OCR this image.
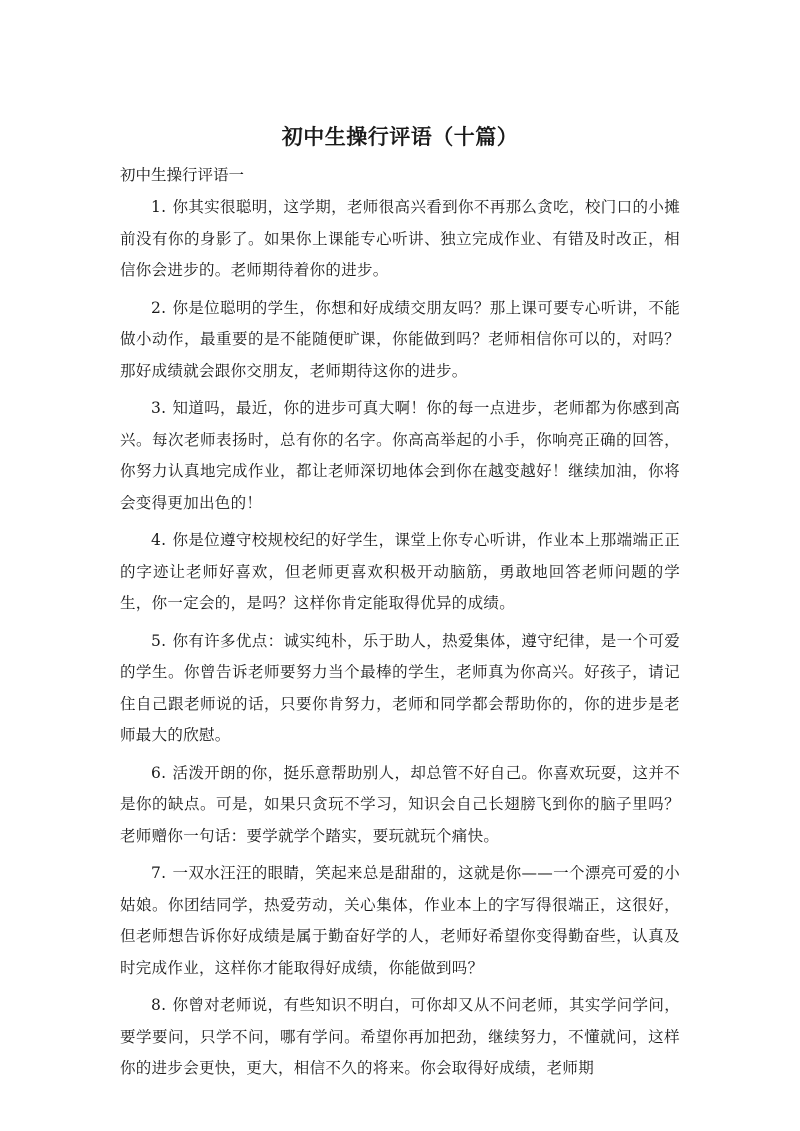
初中生操行评语（十篇）
初中生操行评语一

1. 你其实很聪明，这学期，老师很高兴看到你不再那么贪吃，校门口的小摊前没有你的身影了。如果你上课能专心听讲、独立完成作业、有错及时改正，相信你会进步的。老师期待着你的进步。

2. 你是位聪明的学生，你想和好成绩交朋友吗？那上课可要专心听讲，不能做小动作，最重要的是不能随便旷课，你能做到吗？老师相信你可以的，对吗？那好成绩就会跟你交朋友，老师期待这你的进步。

3. 知道吗，最近，你的进步可真大啊！你的每一点进步，老师都为你感到高兴。每次老师表扬时，总有你的名字。你高高举起的小手，你响亮正确的回答，你努力认真地完成作业，都让老师深切地体会到你在越变越好！继续加油，你将会变得更加出色的！

4. 你是位遵守校规校纪的好学生，课堂上你专心听讲，作业本上那端端正正的字迹让老师好喜欢，但老师更喜欢积极开动脑筋，勇敢地回答老师问题的学生，你一定会的，是吗？这样你肯定能取得优异的成绩。

5. 你有许多优点：诚实纯朴，乐于助人，热爱集体，遵守纪律，是一个可爱的学生。你曾告诉老师要努力当个最棒的学生，老师真为你高兴。好孩子，请记住自己跟老师说的话，只要你肯努力，老师和同学都会帮助你的，你的进步是老师最大的欣慰。

6. 活泼开朗的你，挺乐意帮助别人，却总管不好自己。你喜欢玩耍，这并不是你的缺点。可是，如果只贪玩不学习，知识会自己长翅膀飞到你的脑子里吗？老师赠你一句话：要学就学个踏实，要玩就玩个痛快。

7. 一双水汪汪的眼睛，笑起来总是甜甜的，这就是你——一个漂亮可爱的小姑娘。你团结同学，热爱劳动，关心集体，作业本上的字写得很端正，这很好，但老师想告诉你好成绩是属于勤奋好学的人，老师好希望你变得勤奋些，认真及时完成作业，这样你才能取得好成绩，你能做到吗？

8. 你曾对老师说，有些知识不明白，可你却又从不问老师，其实学问学问，要学要问，只学不问，哪有学问。希望你再加把劲，继续努力，不懂就问，这样你的进步会更快，更大，相信不久的将来。你会取得好成绩，老师期
